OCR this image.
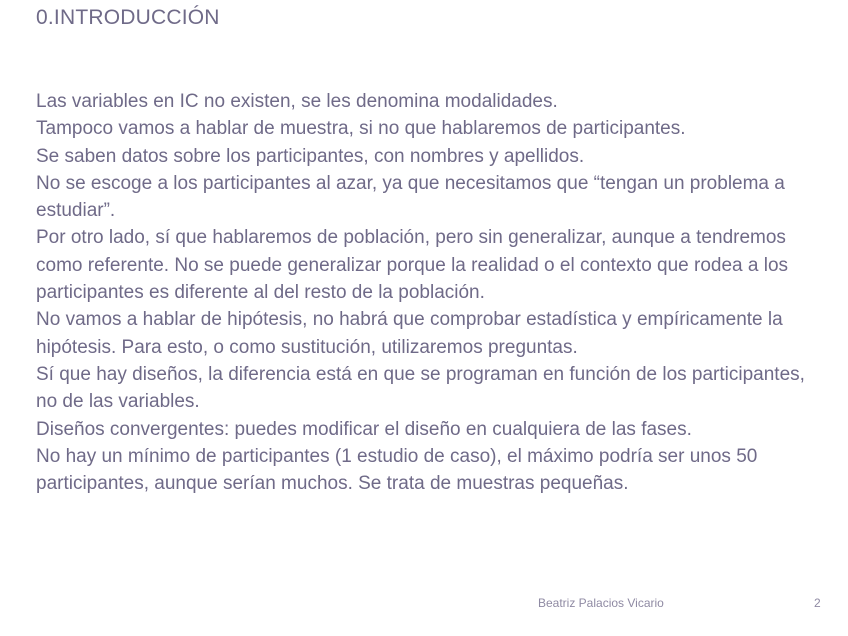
0.INTRODUCCIÓN

Las variables en IC no existen, se les denomina modalidades.

Tampoco vamos a hablar de muestra, si no que hablaremos de participantes.

Se saben datos sobre los participantes, con nombres y apellidos.

No se escoge a los participantes al azar, ya que necesitamos que “tengan un problema a estudiar”.

Por otro lado, sí que hablaremos de población, pero sin generalizar, aunque a tendremos como referente. No se puede generalizar porque la realidad o el contexto que rodea a los participantes es diferente al del resto de la población.

No vamos a hablar de hipótesis, no habrá que comprobar estadística y empíricamente la hipótesis. Para esto, o como sustitución, utilizaremos preguntas.

Sí que hay diseños, la diferencia está en que se programan en función de los participantes, no de las variables.

Diseños convergentes: puedes modificar el diseño en cualquiera de las fases.

No hay un mínimo de participantes (1 estudio de caso), el máximo podría ser unos 50 participantes, aunque serían muchos. Se trata de muestras pequeñas.

Beatriz Palacios Vicario	2
